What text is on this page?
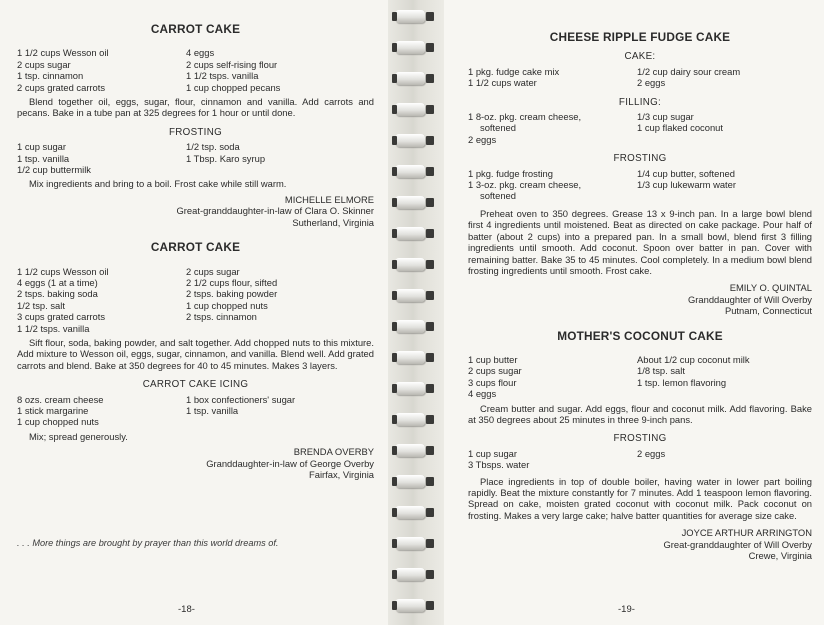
CARROT CAKE
1 1/2 cups Wesson oil
2 cups sugar
1 tsp. cinnamon
2 cups grated carrots
4 eggs
2 cups self-rising flour
1 1/2 tsps. vanilla
1 cup chopped pecans

Blend together oil, eggs, sugar, flour, cinnamon and vanilla. Add carrots and pecans. Bake in a tube pan at 325 degrees for 1 hour or until done.

FROSTING
1 cup sugar
1 tsp. vanilla
1/2 cup buttermilk
1/2 tsp. soda
1 Tbsp. Karo syrup

Mix ingredients and bring to a boil. Frost cake while still warm.

MICHELLE ELMORE
Great-granddaughter-in-law of Clara O. Skinner
Sutherland, Virginia
CARROT CAKE
1 1/2 cups Wesson oil
4 eggs (1 at a time)
2 tsps. baking soda
1/2 tsp. salt
3 cups grated carrots
1 1/2 tsps. vanilla
2 cups sugar
2 1/2 cups flour, sifted
2 tsps. baking powder
1 cup chopped nuts
2 tsps. cinnamon

Sift flour, soda, baking powder, and salt together. Add chopped nuts to this mixture. Add mixture to Wesson oil, eggs, sugar, cinnamon, and vanilla. Blend well. Add grated carrots and blend. Bake at 350 degrees for 40 to 45 minutes. Makes 3 layers.

CARROT CAKE ICING
8 ozs. cream cheese
1 stick margarine
1 cup chopped nuts
1 box confectioners' sugar
1 tsp. vanilla

Mix; spread generously.

BRENDA OVERBY
Granddaughter-in-law of George Overby
Fairfax, Virginia
. . . More things are brought by prayer than this world dreams of.
-18-
CHEESE RIPPLE FUDGE CAKE
CAKE:
1 pkg. fudge cake mix
1 1/2 cups water
1/2 cup dairy sour cream
2 eggs
FILLING:
1 8-oz. pkg. cream cheese,
softened
2 eggs
1/3 cup sugar
1 cup flaked coconut
FROSTING
1 pkg. fudge frosting
1 3-oz. pkg. cream cheese,
softened
1/4 cup butter, softened
1/3 cup lukewarm water

Preheat oven to 350 degrees. Grease 13 x 9-inch pan. In a large bowl blend first 4 ingredients until moistened. Beat as directed on cake package. Pour half of batter (about 2 cups) into a prepared pan. In a small bowl, blend first 3 filling ingredients until smooth. Add coconut. Spoon over batter in pan. Cover with remaining batter. Bake 35 to 45 minutes. Cool completely. In a medium bowl blend frosting ingredients until smooth. Frost cake.

EMILY O. QUINTAL
Granddaughter of Will Overby
Putnam, Connecticut
MOTHER'S COCONUT CAKE
1 cup butter
2 cups sugar
3 cups flour
4 eggs
About 1/2 cup coconut milk
1/8 tsp. salt
1 tsp. lemon flavoring

Cream butter and sugar. Add eggs, flour and coconut milk. Add flavoring. Bake at 350 degrees about 25 minutes in three 9-inch pans.

FROSTING
1 cup sugar
3 Tbsps. water
2 eggs

Place ingredients in top of double boiler, having water in lower part boiling rapidly. Beat the mixture constantly for 7 minutes. Add 1 teaspoon lemon flavoring. Spread on cake, moisten grated coconut with coconut milk. Pack coconut on frosting. Makes a very large cake; halve batter quantities for average size cake.

JOYCE ARTHUR ARRINGTON
Great-granddaughter of Will Overby
Crewe, Virginia
-19-
